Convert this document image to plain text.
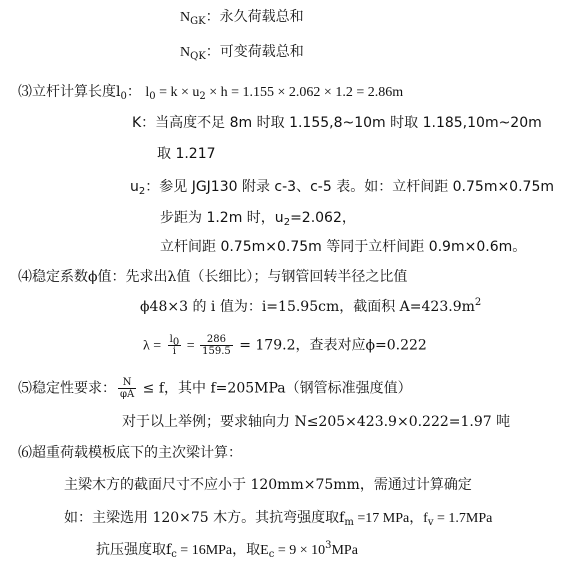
$N_{GK}$：永久荷载总和
$N_{QK}$：可变荷载总和
⑶立杆计算长度$l_0$： $l_0 = k \times u_2 \times h = 1.155 \times 2.062 \times 1.2 = 2.86m$
K：当高度不足 8m 时取 1.155,8~10m 时取 1.185,10m~20m
取 1.217
$u_2$：参见 JGJ130 附录 c-3、c-5 表。如：立杆间距 0.75m×0.75m
步距为 1.2m 时，$u_2=2.062$，
立杆间距 0.75m×0.75m 等同于立杆间距 0.9m×0.6m。
⑷稳定系数ϕ值：先求出λ值（长细比）；与钢管回转半径之比值
ϕ48×3 的 i 值为：i=15.95cm，截面积 $A=423.9m^2$
$\lambda = \frac{l_0}{i} = \frac{286}{159.5} = 179.2$，查表对应ϕ=0.222
⑸稳定性要求： $\frac{N}{\varphi A} \le f$，其中 f=205MPa（钢管标准强度值）
对于以上举例；要求轴向力 N≤205×423.9×0.222=1.97 吨
⑹超重荷载模板底下的主次梁计算：
主梁木方的截面尺寸不应小于 120mm×75mm，需通过计算确定
如：主梁选用 120×75 木方。其抗弯强度取$f_m =17$ MPa，$f_v = 1.7MPa$
抗压强度取$f_c = 16MPa$，取$E_c = 9 \times 10^3MPa$
